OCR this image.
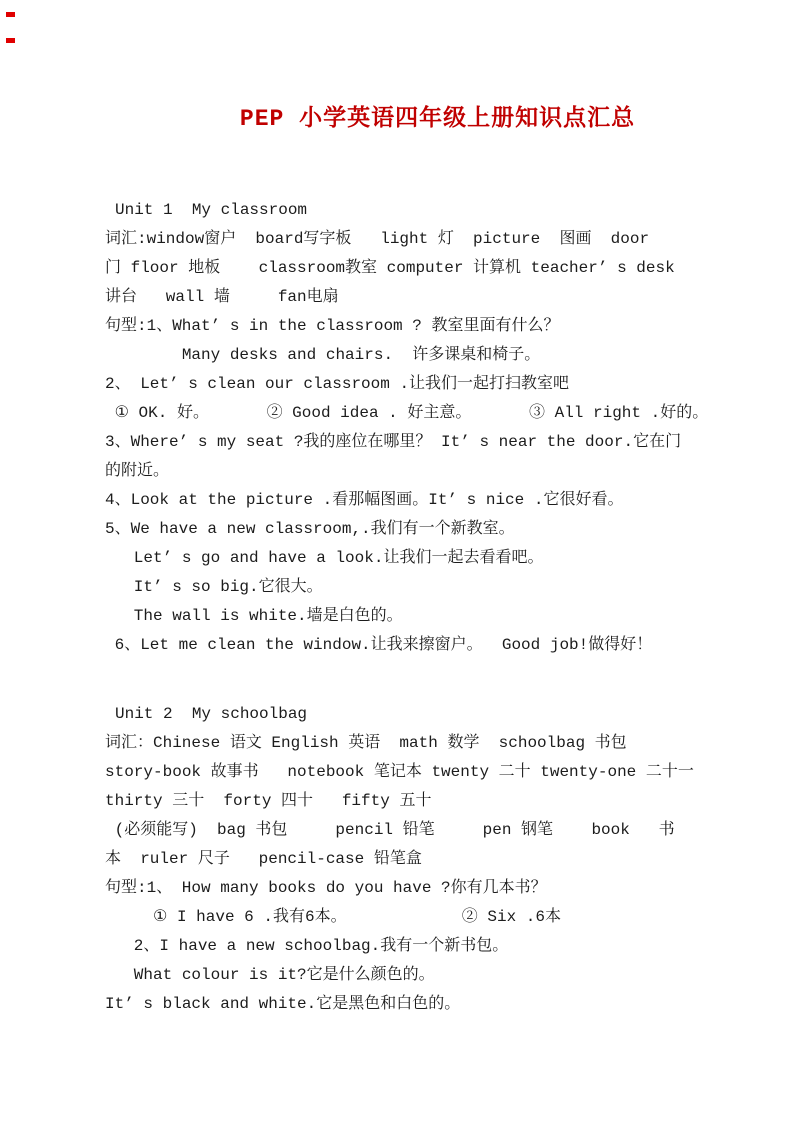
PEP 小学英语四年级上册知识点汇总
Unit 1  My classroom
词汇:window窗户  board写字板   light 灯  picture  图画  door
门 floor 地板    classroom教室 computer 计算机 teacher’ s desk
讲台   wall 墙     fan电扇
句型:1、What’ s in the classroom ? 教室里面有什么？
Many desks and chairs.  许多课桌和椅子。
2、 Let’ s clean our classroom .让我们一起打扫教室吧
① OK. 好。      ② Good idea . 好主意。      ③ All right .好的。
3、Where’ s my seat ?我的座位在哪里？ It’ s near the door.它在门
的附近。
4、Look at the picture .看那幅图画。It’ s nice .它很好看。
5、We have a new classroom,.我们有一个新教室。
Let’ s go and have a look.让我们一起去看看吧。
It’ s so big.它很大。
The wall is white.墙是白色的。
6、Let me clean the window.让我来擦窗户。  Good job!做得好！
Unit 2  My schoolbag
词汇：Chinese 语文 English 英语  math 数学  schoolbag 书包
story-book 故事书   notebook 笔记本 twenty 二十 twenty-one 二十一
thirty 三十  forty 四十   fifty 五十
(必须能写)  bag 书包     pencil 铅笔     pen 钢笔    book   书
本  ruler 尺子   pencil-case 铅笔盒
句型:1、 How many books do you have ?你有几本书？
① I have 6 .我有6本。            ② Six .6本
2、I have a new schoolbag.我有一个新书包。
What colour is it?它是什么颜色的。
It’ s black and white.它是黑色和白色的。
